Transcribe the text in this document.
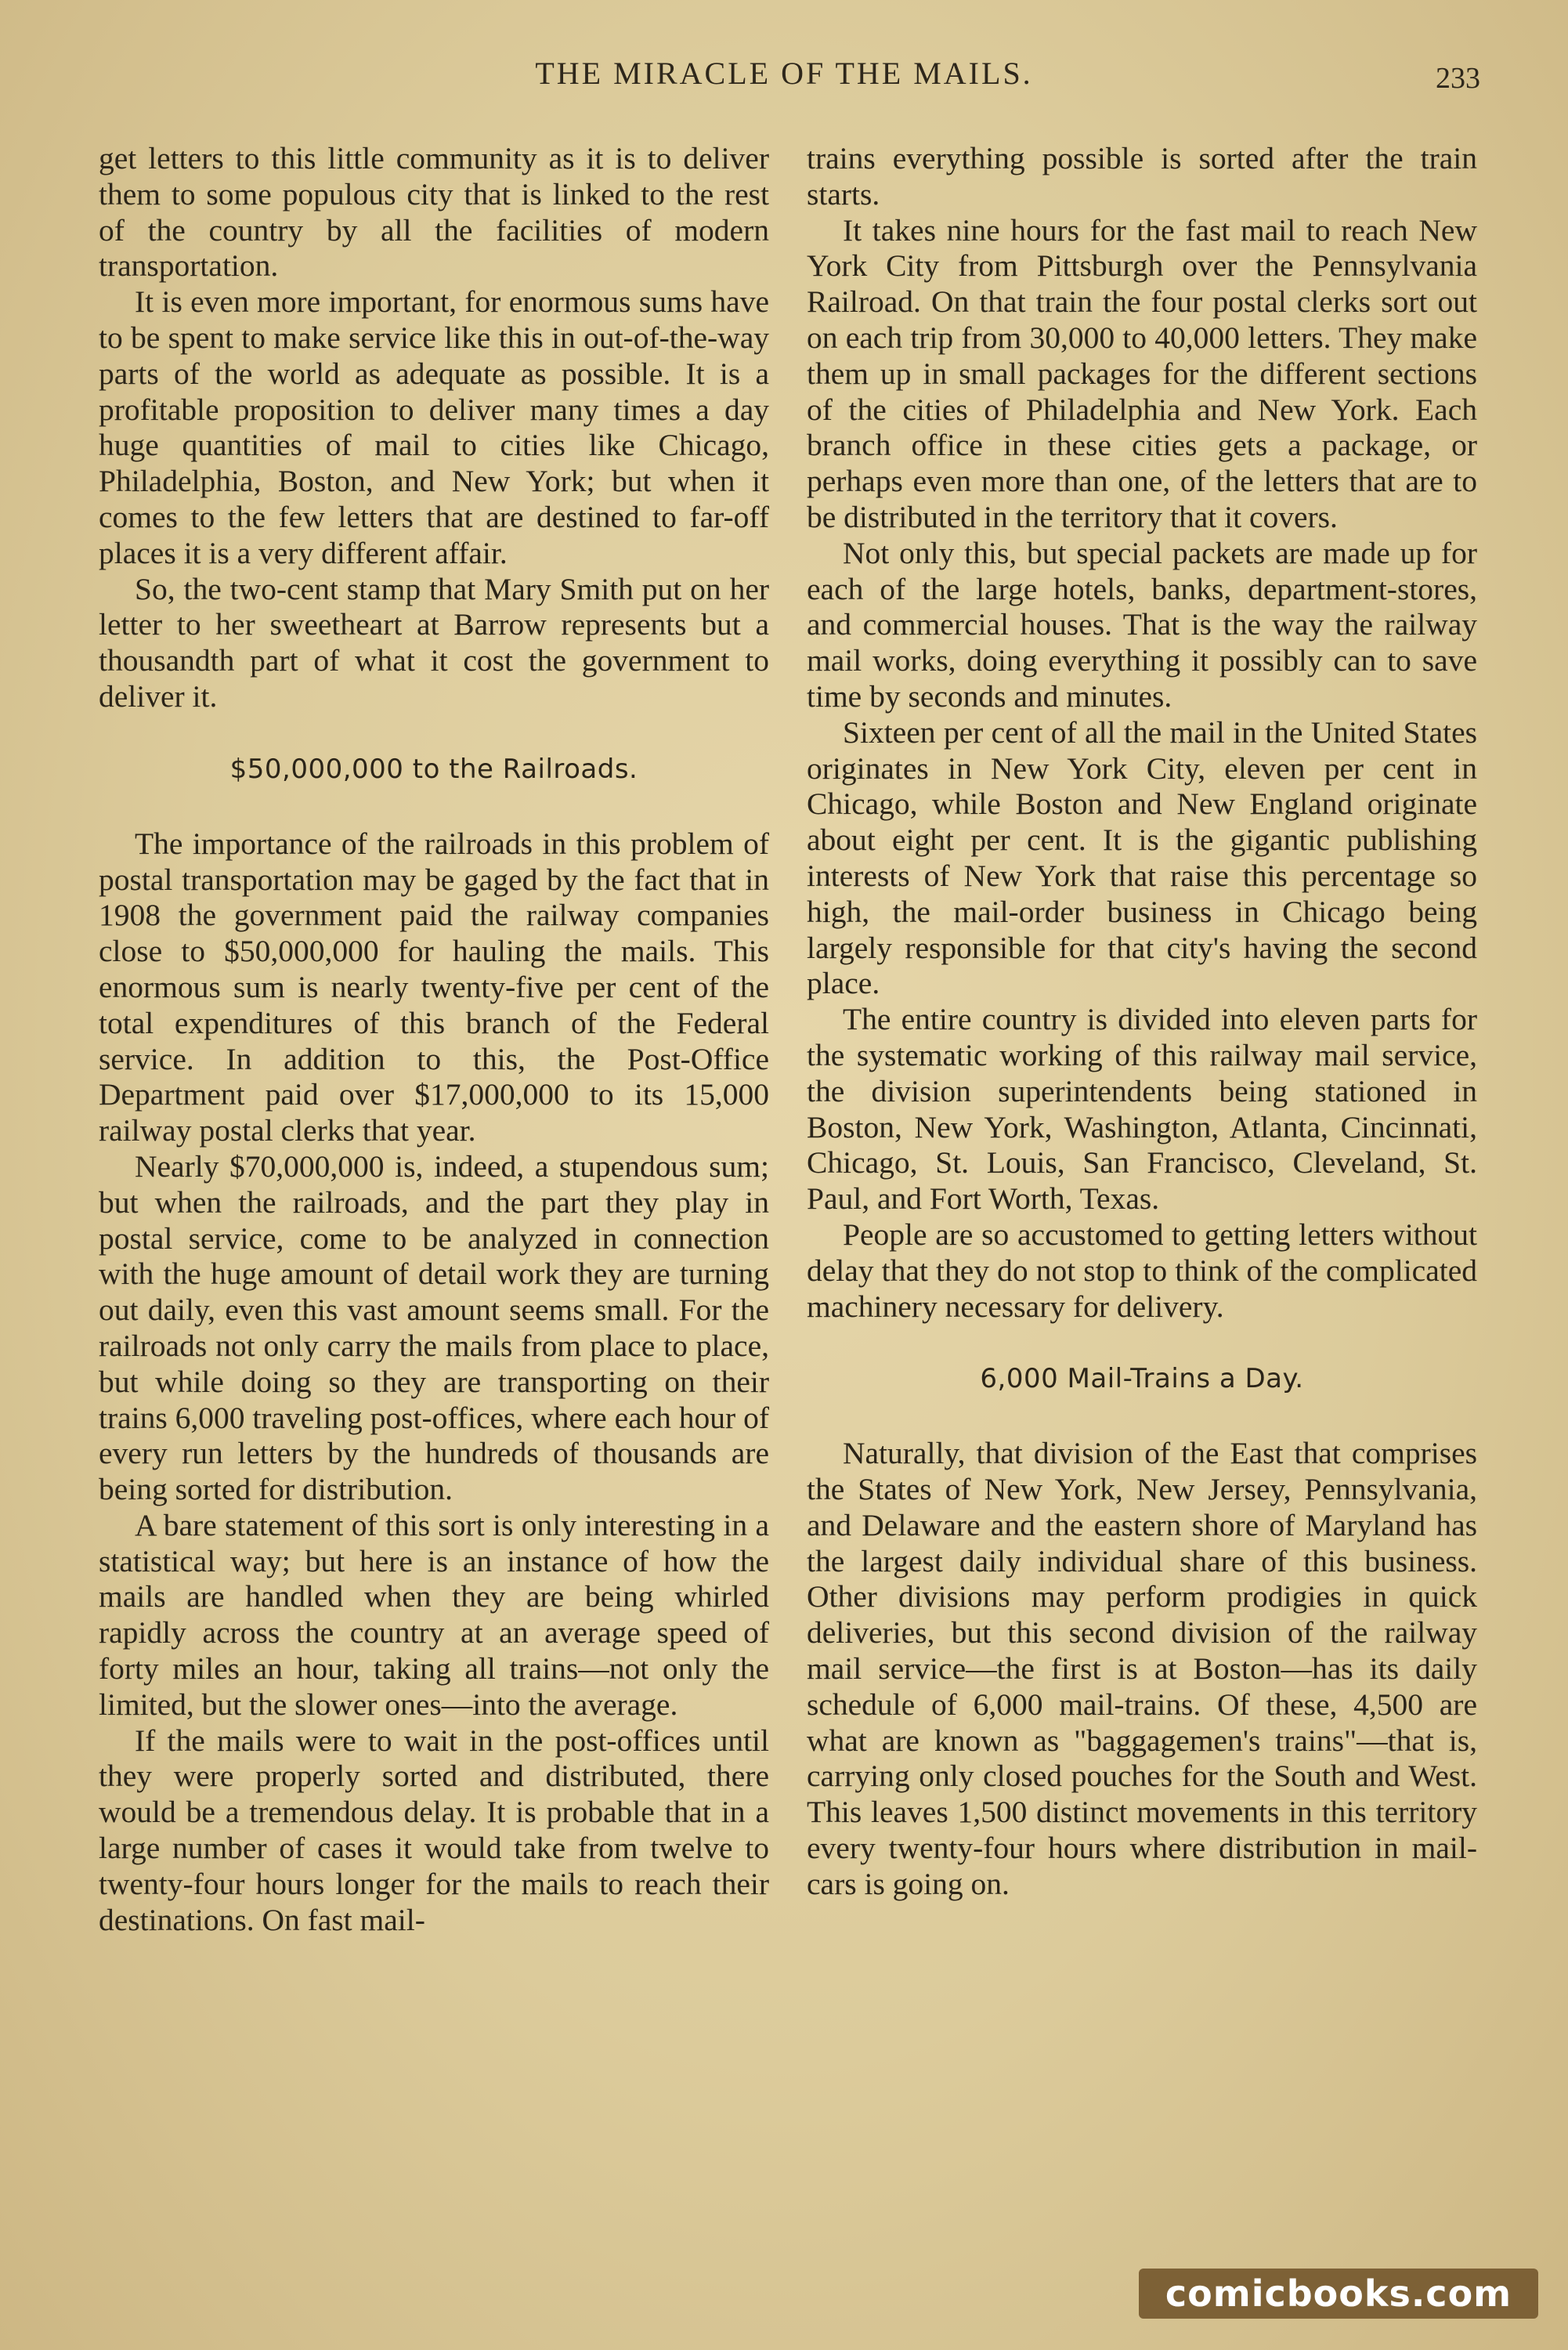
THE MIRACLE OF THE MAILS.	233

get letters to this little community as it is to deliver them to some populous city that is linked to the rest of the country by all the facilities of modern transportation.

It is even more important, for enormous sums have to be spent to make service like this in out-of-the-way parts of the world as adequate as possible. It is a profitable proposition to deliver many times a day huge quantities of mail to cities like Chicago, Philadelphia, Boston, and New York; but when it comes to the few letters that are destined to far-off places it is a very different affair.

So, the two-cent stamp that Mary Smith put on her letter to her sweetheart at Barrow represents but a thousandth part of what it cost the government to deliver it.

$50,000,000 to the Railroads.

The importance of the railroads in this problem of postal transportation may be gaged by the fact that in 1908 the government paid the railway companies close to $50,000,000 for hauling the mails. This enormous sum is nearly twenty-five per cent of the total expenditures of this branch of the Federal service. In addition to this, the Post-Office Department paid over $17,000,000 to its 15,000 railway postal clerks that year.

Nearly $70,000,000 is, indeed, a stupendous sum; but when the railroads, and the part they play in postal service, come to be analyzed in connection with the huge amount of detail work they are turning out daily, even this vast amount seems small. For the railroads not only carry the mails from place to place, but while doing so they are transporting on their trains 6,000 traveling post-offices, where each hour of every run letters by the hundreds of thousands are being sorted for distribution.

A bare statement of this sort is only interesting in a statistical way; but here is an instance of how the mails are handled when they are being whirled rapidly across the country at an average speed of forty miles an hour, taking all trains—not only the limited, but the slower ones—into the average.

If the mails were to wait in the post-offices until they were properly sorted and distributed, there would be a tremendous delay. It is probable that in a large number of cases it would take from twelve to twenty-four hours longer for the mails to reach their destinations. On fast mail-

trains everything possible is sorted after the train starts.

It takes nine hours for the fast mail to reach New York City from Pittsburgh over the Pennsylvania Railroad. On that train the four postal clerks sort out on each trip from 30,000 to 40,000 letters. They make them up in small packages for the different sections of the cities of Philadelphia and New York. Each branch office in these cities gets a package, or perhaps even more than one, of the letters that are to be distributed in the territory that it covers.

Not only this, but special packets are made up for each of the large hotels, banks, department-stores, and commercial houses. That is the way the railway mail works, doing everything it possibly can to save time by seconds and minutes.

Sixteen per cent of all the mail in the United States originates in New York City, eleven per cent in Chicago, while Boston and New England originate about eight per cent. It is the gigantic publishing interests of New York that raise this percentage so high, the mail-order business in Chicago being largely responsible for that city's having the second place.

The entire country is divided into eleven parts for the systematic working of this railway mail service, the division superintendents being stationed in Boston, New York, Washington, Atlanta, Cincinnati, Chicago, St. Louis, San Francisco, Cleveland, St. Paul, and Fort Worth, Texas.

People are so accustomed to getting letters without delay that they do not stop to think of the complicated machinery necessary for delivery.

6,000 Mail-Trains a Day.

Naturally, that division of the East that comprises the States of New York, New Jersey, Pennsylvania, and Delaware and the eastern shore of Maryland has the largest daily individual share of this business. Other divisions may perform prodigies in quick deliveries, but this second division of the railway mail service—the first is at Boston—has its daily schedule of 6,000 mail-trains. Of these, 4,500 are what are known as "baggagemen's trains"—that is, carrying only closed pouches for the South and West. This leaves 1,500 distinct movements in this territory every twenty-four hours where distribution in mail-cars is going on.

comicbooks.com
